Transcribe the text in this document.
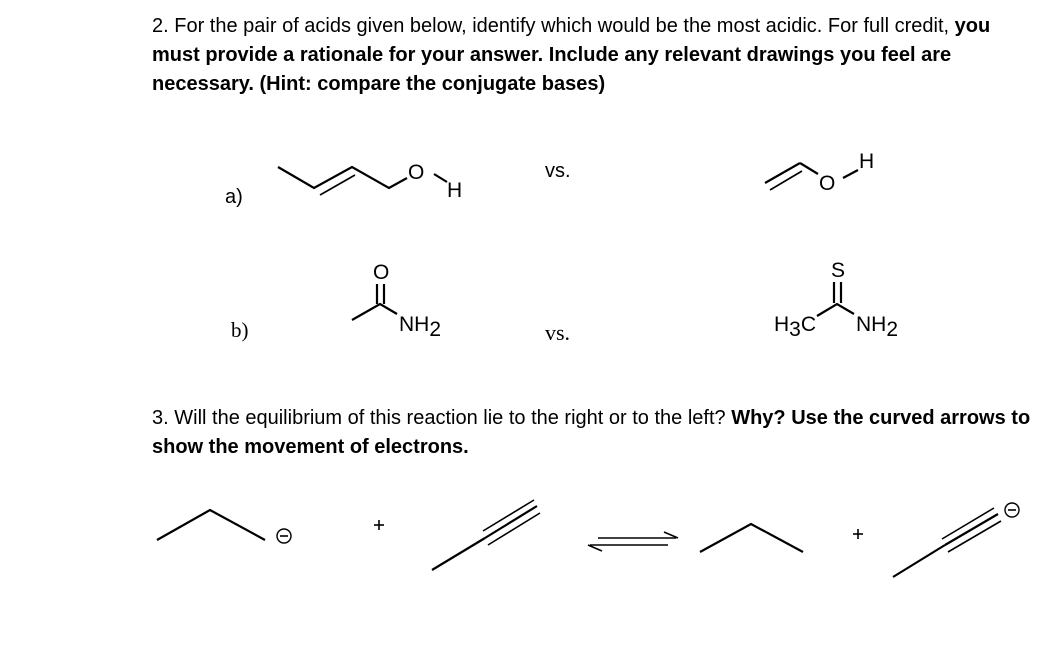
2. For the pair of acids given below, identify which would be the most acidic. For full credit, you must provide a rationale for your answer. Include any relevant drawings you feel are necessary. (Hint: compare the conjugate bases)
a)
vs.
b)	vs.
3. Will the equilibrium of this reaction lie to the right or to the left? Why? Use the curved arrows to show the movement of electrons.
O
H	O
H
O
NH2
S
H3C NH2
